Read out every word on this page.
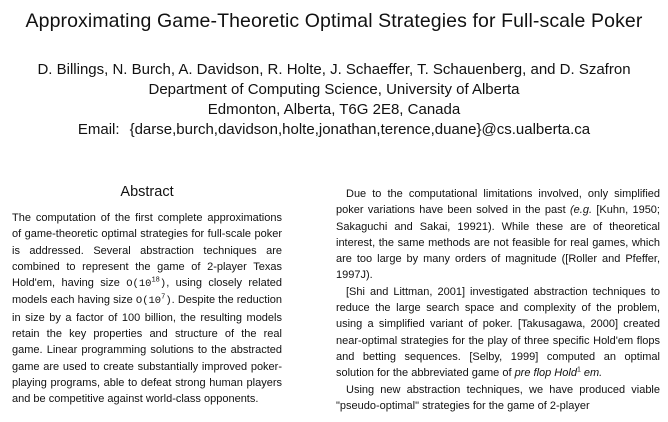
Approximating Game-Theoretic Optimal Strategies for Full-scale Poker
D. Billings, N. Burch, A. Davidson, R. Holte, J. Schaeffer, T. Schauenberg, and D. Szafron
Department of Computing Science, University of Alberta
Edmonton, Alberta, T6G 2E8, Canada
Email: {darse,burch,davidson,holte,jonathan,terence,duane}@cs.ualberta.ca
Abstract

The computation of the first complete approximations of game-theoretic optimal strategies for full-scale poker is addressed. Several abstraction techniques are combined to represent the game of 2-player Texas Hold'em, having size $O(10^{18})$, using closely related models each having size $O(10^7)$. Despite the reduction in size by a factor of 100 billion, the resulting models retain the key properties and structure of the real game. Linear programming solutions to the abstracted game are used to create substantially improved poker-playing programs, able to defeat strong human players and be competitive against world-class opponents.

Due to the computational limitations involved, only simplified poker variations have been solved in the past (e.g. [Kuhn, 1950; Sakaguchi and Sakai, 19921). While these are of theoretical interest, the same methods are not feasible for real games, which are too large by many orders of magnitude ([Roller and Pfeffer, 1997J).

[Shi and Littman, 2001] investigated abstraction techniques to reduce the large search space and complexity of the problem, using a simplified variant of poker. [Takusagawa, 2000] created near-optimal strategies for the play of three specific Hold'em flops and betting sequences. [Selby, 1999] computed an optimal solution for the abbreviated game of pre flop Hold$^1$ em.

Using new abstraction techniques, we have produced viable "pseudo-optimal" strategies for the game of 2-player
